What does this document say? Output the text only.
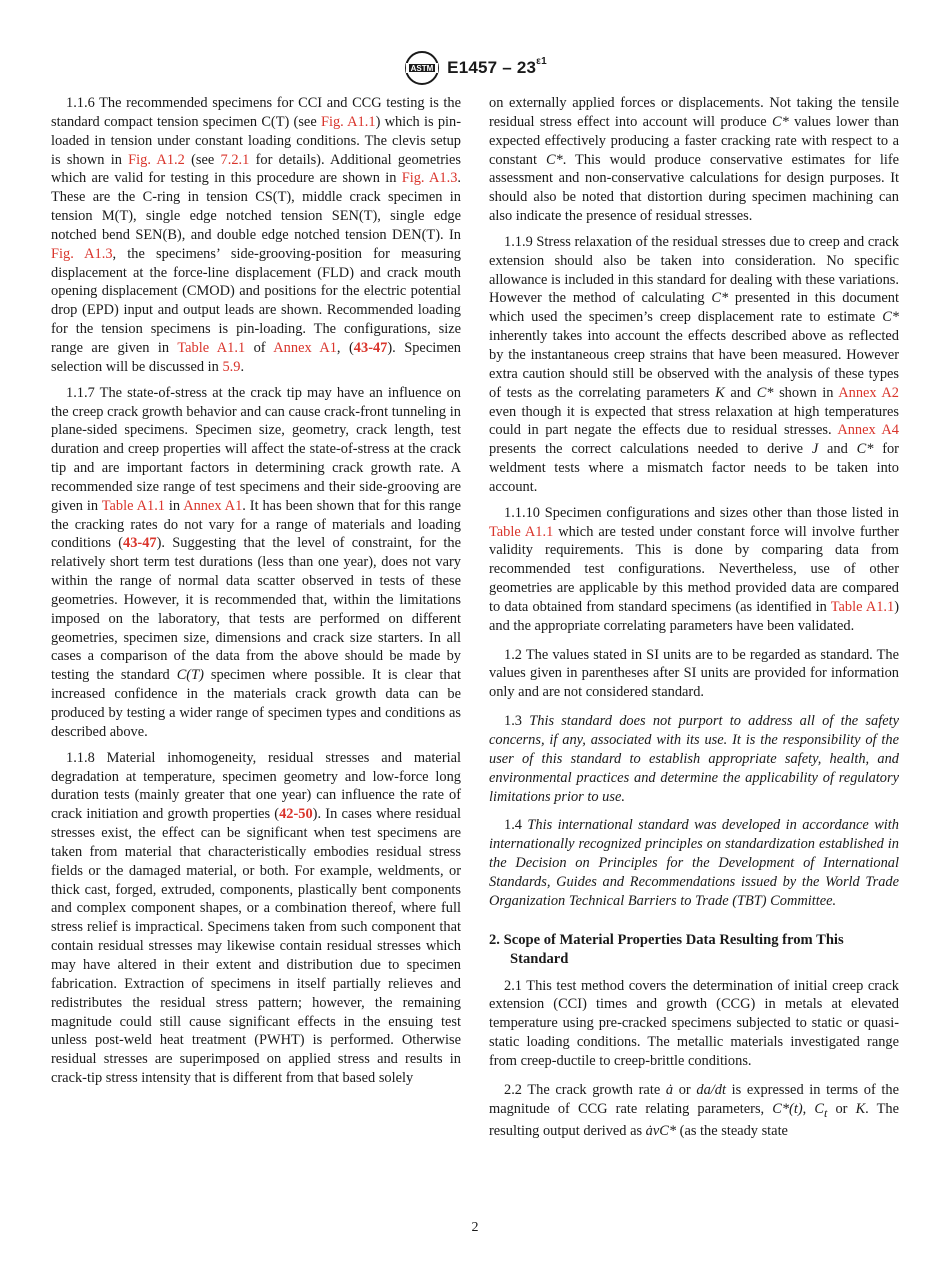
ASTM $E1457 - 23^{\varepsilon 1}$

1.1.6 The recommended specimens for CCI and CCG testing is the standard compact tension specimen C(T) (see Fig. A1.1) which is pin-loaded in tension under constant loading conditions. The clevis setup is shown in Fig. A1.2 (see 7.2.1 for details). Additional geometries which are valid for testing in this procedure are shown in Fig. A1.3. These are the C-ring in tension CS(T), middle crack specimen in tension M(T), single edge notched tension SEN(T), single edge notched bend SEN(B), and double edge notched tension DEN(T). In Fig. A1.3, the specimens’ side-grooving-position for measuring displacement at the force-line displacement (FLD) and crack mouth opening displacement (CMOD) and positions for the electric potential drop (EPD) input and output leads are shown. Recommended loading for the tension specimens is pin-loading. The configurations, size range are given in Table A1.1 of Annex A1, (43-47). Specimen selection will be discussed in 5.9.

1.1.7 The state-of-stress at the crack tip may have an influence on the creep crack growth behavior and can cause crack-front tunneling in plane-sided specimens. Specimen size, geometry, crack length, test duration and creep properties will affect the state-of-stress at the crack tip and are important factors in determining crack growth rate. A recommended size range of test specimens and their side-grooving are given in Table A1.1 in Annex A1. It has been shown that for this range the cracking rates do not vary for a range of materials and loading conditions (43-47). Suggesting that the level of constraint, for the relatively short term test durations (less than one year), does not vary within the range of normal data scatter observed in tests of these geometries. However, it is recommended that, within the limitations imposed on the laboratory, that tests are performed on different geometries, specimen size, dimensions and crack size starters. In all cases a comparison of the data from the above should be made by testing the standard C(T) specimen where possible. It is clear that increased confidence in the materials crack growth data can be produced by testing a wider range of specimen types and conditions as described above.

1.1.8 Material inhomogeneity, residual stresses and material degradation at temperature, specimen geometry and low-force long duration tests (mainly greater that one year) can influence the rate of crack initiation and growth properties (42-50). In cases where residual stresses exist, the effect can be significant when test specimens are taken from material that characteristically embodies residual stress fields or the damaged material, or both. For example, weldments, or thick cast, forged, extruded, components, plastically bent components and complex component shapes, or a combination thereof, where full stress relief is impractical. Specimens taken from such component that contain residual stresses may likewise contain residual stresses which may have altered in their extent and distribution due to specimen fabrication. Extraction of specimens in itself partially relieves and redistributes the residual stress pattern; however, the remaining magnitude could still cause significant effects in the ensuing test unless post-weld heat treatment (PWHT) is performed. Otherwise residual stresses are superimposed on applied stress and results in crack-tip stress intensity that is different from that based solely

on externally applied forces or displacements. Not taking the tensile residual stress effect into account will produce C* values lower than expected effectively producing a faster cracking rate with respect to a constant C*. This would produce conservative estimates for life assessment and non-conservative calculations for design purposes. It should also be noted that distortion during specimen machining can also indicate the presence of residual stresses.

1.1.9 Stress relaxation of the residual stresses due to creep and crack extension should also be taken into consideration. No specific allowance is included in this standard for dealing with these variations. However the method of calculating C* presented in this document which used the specimen’s creep displacement rate to estimate C* inherently takes into account the effects described above as reflected by the instantaneous creep strains that have been measured. However extra caution should still be observed with the analysis of these types of tests as the correlating parameters K and C* shown in Annex A2 even though it is expected that stress relaxation at high temperatures could in part negate the effects due to residual stresses. Annex A4 presents the correct calculations needed to derive J and C* for weldment tests where a mismatch factor needs to be taken into account.

1.1.10 Specimen configurations and sizes other than those listed in Table A1.1 which are tested under constant force will involve further validity requirements. This is done by comparing data from recommended test configurations. Nevertheless, use of other geometries are applicable by this method provided data are compared to data obtained from standard specimens (as identified in Table A1.1) and the appropriate correlating parameters have been validated.

1.2 The values stated in SI units are to be regarded as standard. The values given in parentheses after SI units are provided for information only and are not considered standard.

1.3 This standard does not purport to address all of the safety concerns, if any, associated with its use. It is the responsibility of the user of this standard to establish appropriate safety, health, and environmental practices and determine the applicability of regulatory limitations prior to use.

1.4 This international standard was developed in accordance with internationally recognized principles on standardization established in the Decision on Principles for the Development of International Standards, Guides and Recommendations issued by the World Trade Organization Technical Barriers to Trade (TBT) Committee.

2. Scope of Material Properties Data Resulting from This Standard

2.1 This test method covers the determination of initial creep crack extension (CCI) times and growth (CCG) in metals at elevated temperature using pre-cracked specimens subjected to static or quasi-static loading conditions. The metallic materials investigated range from creep-ductile to creep-brittle conditions.

2.2 The crack growth rate ȧ or da/dt is expressed in terms of the magnitude of CCG rate relating parameters, C*(t), $C_t$ or K. The resulting output derived as ȧvC* (as the steady state

2
